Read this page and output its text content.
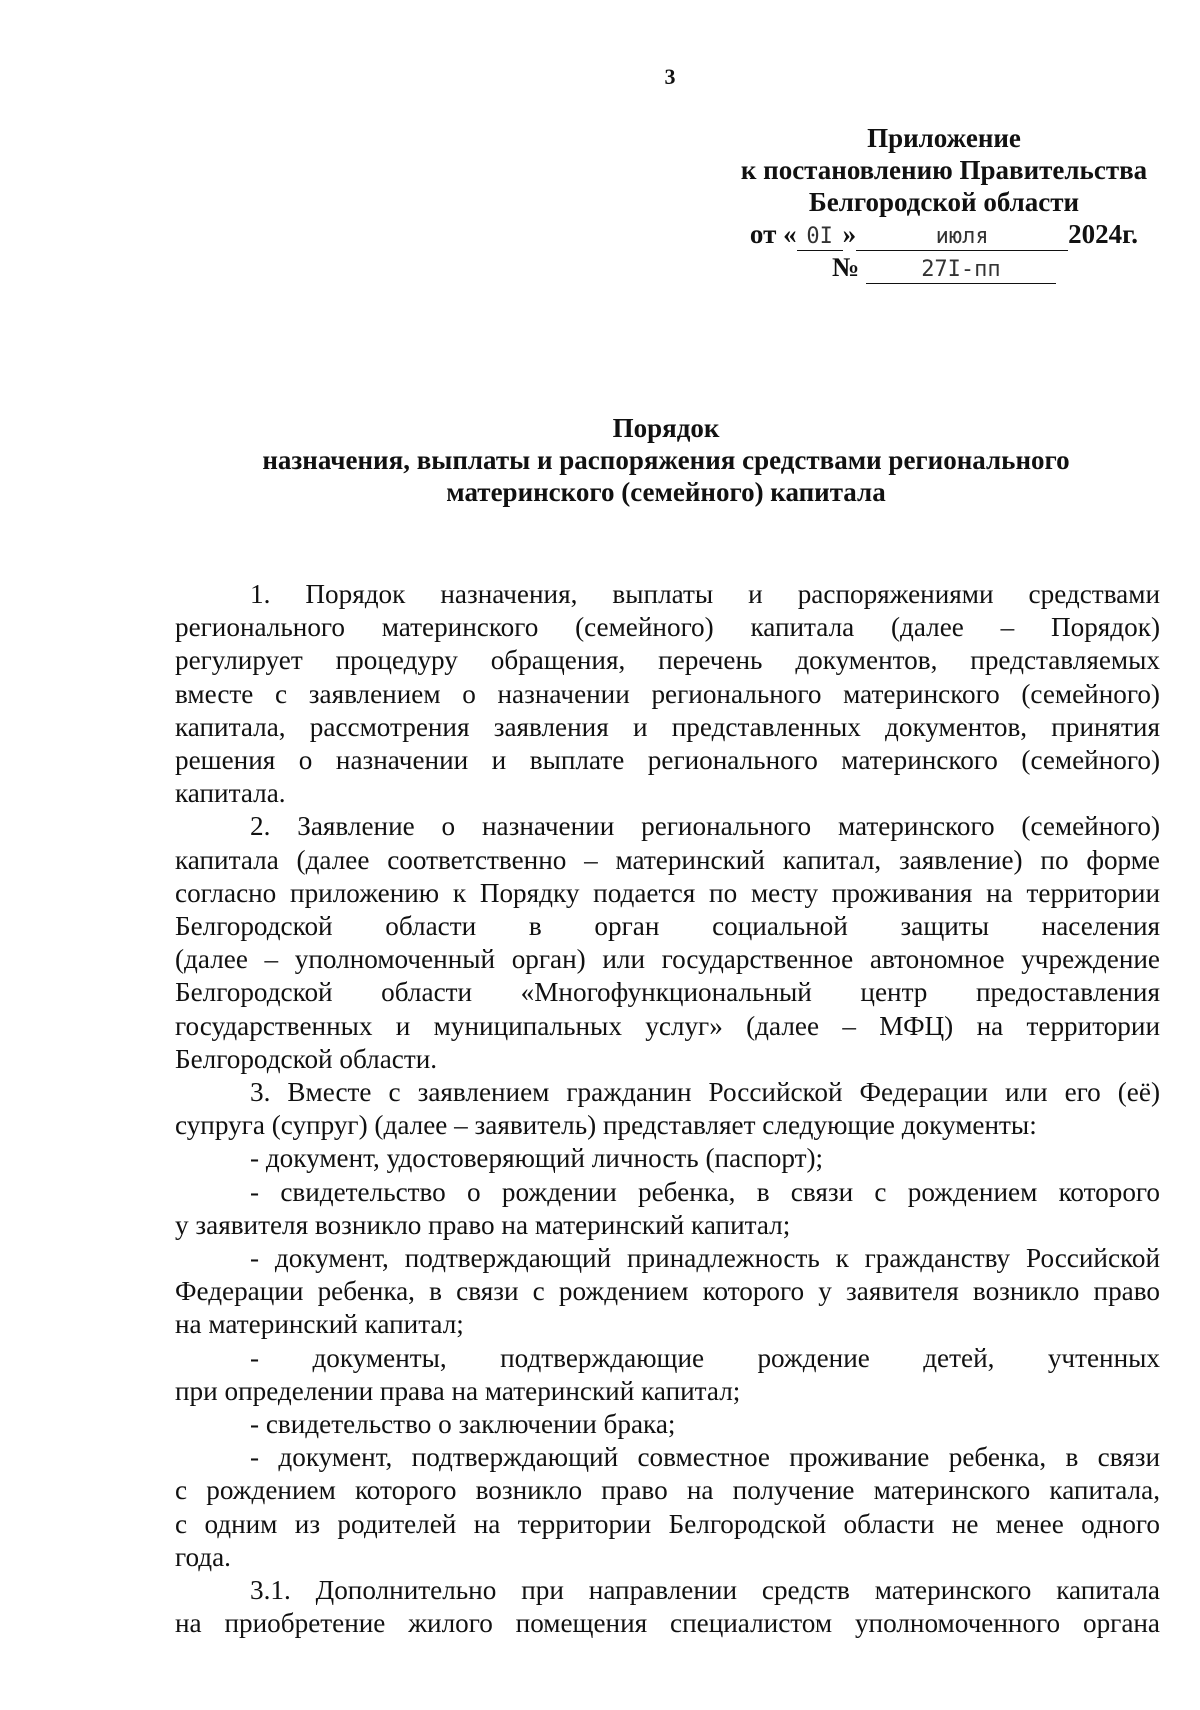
3
Приложение
к постановлению Правительства
Белгородской области
от « 0I »	июля	2024г.
№	27I-пп
Порядок
назначения, выплаты и распоряжения средствами регионального
материнского (семейного) капитала

1. Порядок назначения, выплаты и распоряжениями средствами
регионального материнского (семейного) капитала (далее – Порядок)
регулирует процедуру обращения, перечень документов, представляемых
вместе с заявлением о назначении регионального материнского (семейного)
капитала, рассмотрения заявления и представленных документов, принятия
решения о назначении и выплате регионального материнского (семейного)
капитала.

2. Заявление о назначении регионального материнского (семейного)
капитала (далее соответственно – материнский капитал, заявление) по форме
согласно приложению к Порядку подается по месту проживания на территории
Белгородской области в орган социальной защиты населения
(далее – уполномоченный орган) или государственное автономное учреждение
Белгородской области «Многофункциональный центр предоставления
государственных и муниципальных услуг» (далее – МФЦ) на территории
Белгородской области.

3. Вместе с заявлением гражданин Российской Федерации или его (её)
супруга (супруг) (далее – заявитель) представляет следующие документы:

- документ, удостоверяющий личность (паспорт);

- свидетельство о рождении ребенка, в связи с рождением которого
у заявителя возникло право на материнский капитал;

- документ, подтверждающий принадлежность к гражданству Российской
Федерации ребенка, в связи с рождением которого у заявителя возникло право
на материнский капитал;

- документы, подтверждающие рождение детей, учтенных
при определении права на материнский капитал;

- свидетельство о заключении брака;

- документ, подтверждающий совместное проживание ребенка, в связи
с рождением которого возникло право на получение материнского капитала,
с одним из родителей на территории Белгородской области не менее одного
года.

3.1. Дополнительно при направлении средств материнского капитала
на приобретение жилого помещения специалистом уполномоченного органа
